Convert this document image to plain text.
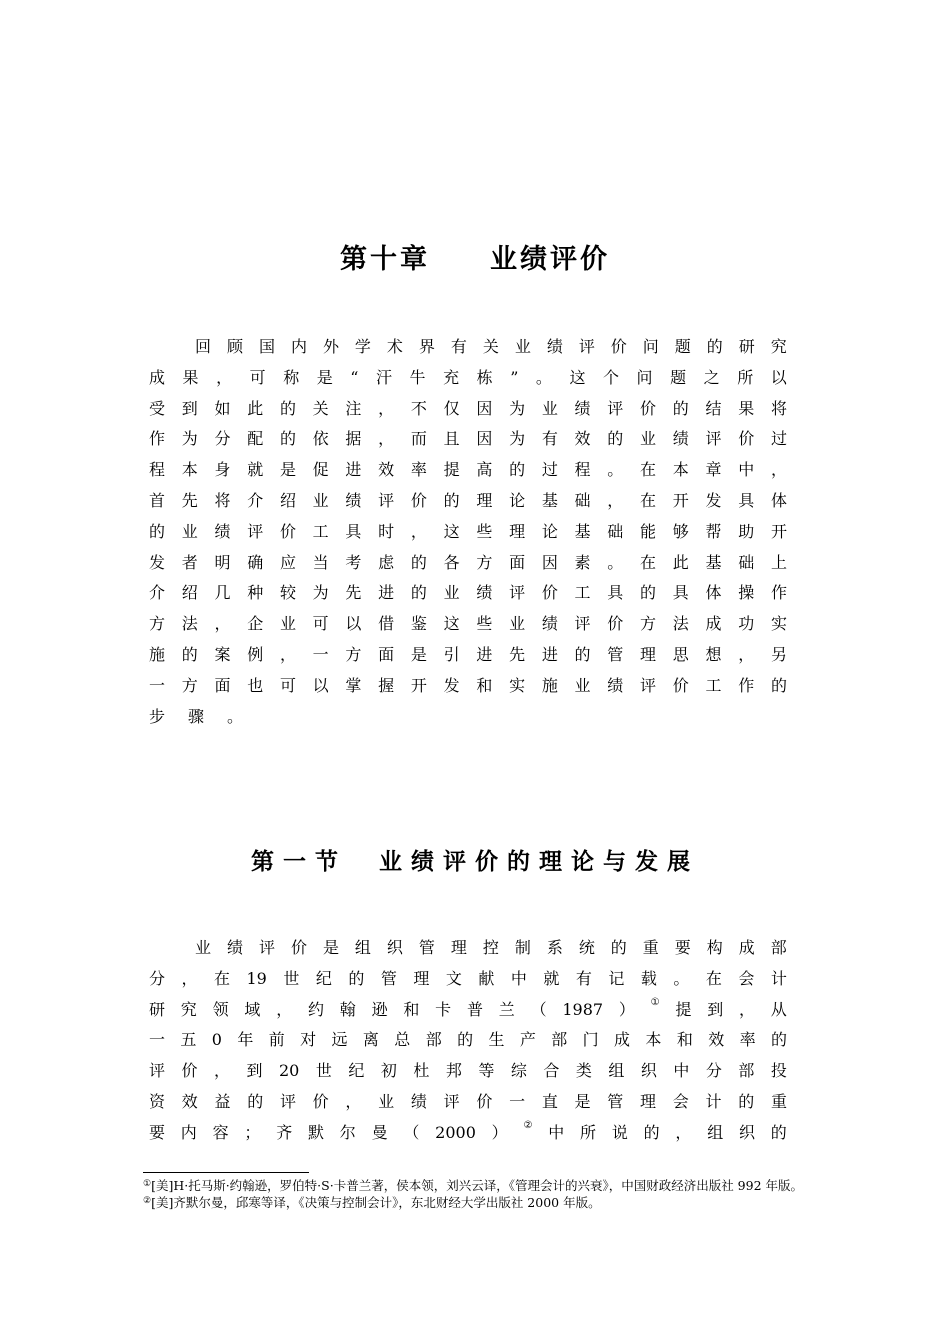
第十章　　业绩评价
回 顾 国 内 外 学 术 界 有 关 业 绩 评 价 问 题 的 研 究
成 果 ， 可 称 是 “ 汗 牛 充 栋 ” 。 这 个 问 题 之 所 以
受 到 如 此 的 关 注 ， 不 仅 因 为 业 绩 评 价 的 结 果 将
作 为 分 配 的 依 据 ， 而 且 因 为 有 效 的 业 绩 评 价 过
程 本 身 就 是 促 进 效 率 提 高 的 过 程 。 在 本 章 中 ，
首 先 将 介 绍 业 绩 评 价 的 理 论 基 础 ， 在 开 发 具 体
的 业 绩 评 价 工 具 时 ， 这 些 理 论 基 础 能 够 帮 助 开
发 者 明 确 应 当 考 虑 的 各 方 面 因 素 。 在 此 基 础 上
介 绍 几 种 较 为 先 进 的 业 绩 评 价 工 具 的 具 体 操 作
方 法 ， 企 业 可 以 借 鉴 这 些 业 绩 评 价 方 法 成 功 实
施 的 案 例 ， 一 方 面 是 引 进 先 进 的 管 理 思 想 ， 另
一 方 面 也 可 以 掌 握 开 发 和 实 施 业 绩 评 价 工 作 的
步 骤 。
第一节　业绩评价的理论与发展
业 绩 评 价 是 组 织 管 理 控 制 系 统 的 重 要 构 成 部
分 ， 在 19 世 纪 的 管 理 文 献 中 就 有 记 载 。 在 会 计
研 究 领 域 ， 约 翰 逊 和 卡 普 兰 （ 1987 ） ① 提 到 ， 从
一 五 0 年 前 对 远 离 总 部 的 生 产 部 门 成 本 和 效 率 的
评 价 ， 到 20 世 纪 初 杜 邦 等 综 合 类 组 织 中 分 部 投
资 效 益 的 评 价 ， 业 绩 评 价 一 直 是 管 理 会 计 的 重
要 内 容 ； 齐 默 尔 曼 （ 2000 ） ② 中 所 说 的 ， 组 织 的

①[美]H·托马斯·约翰逊，罗伯特·S·卡普兰著，侯本领，刘兴云译，《管理会计的兴衰》，中国财政经济出版社 992 年版。

②[美]齐默尔曼，邱寒等译，《决策与控制会计》，东北财经大学出版社 2000 年版。
